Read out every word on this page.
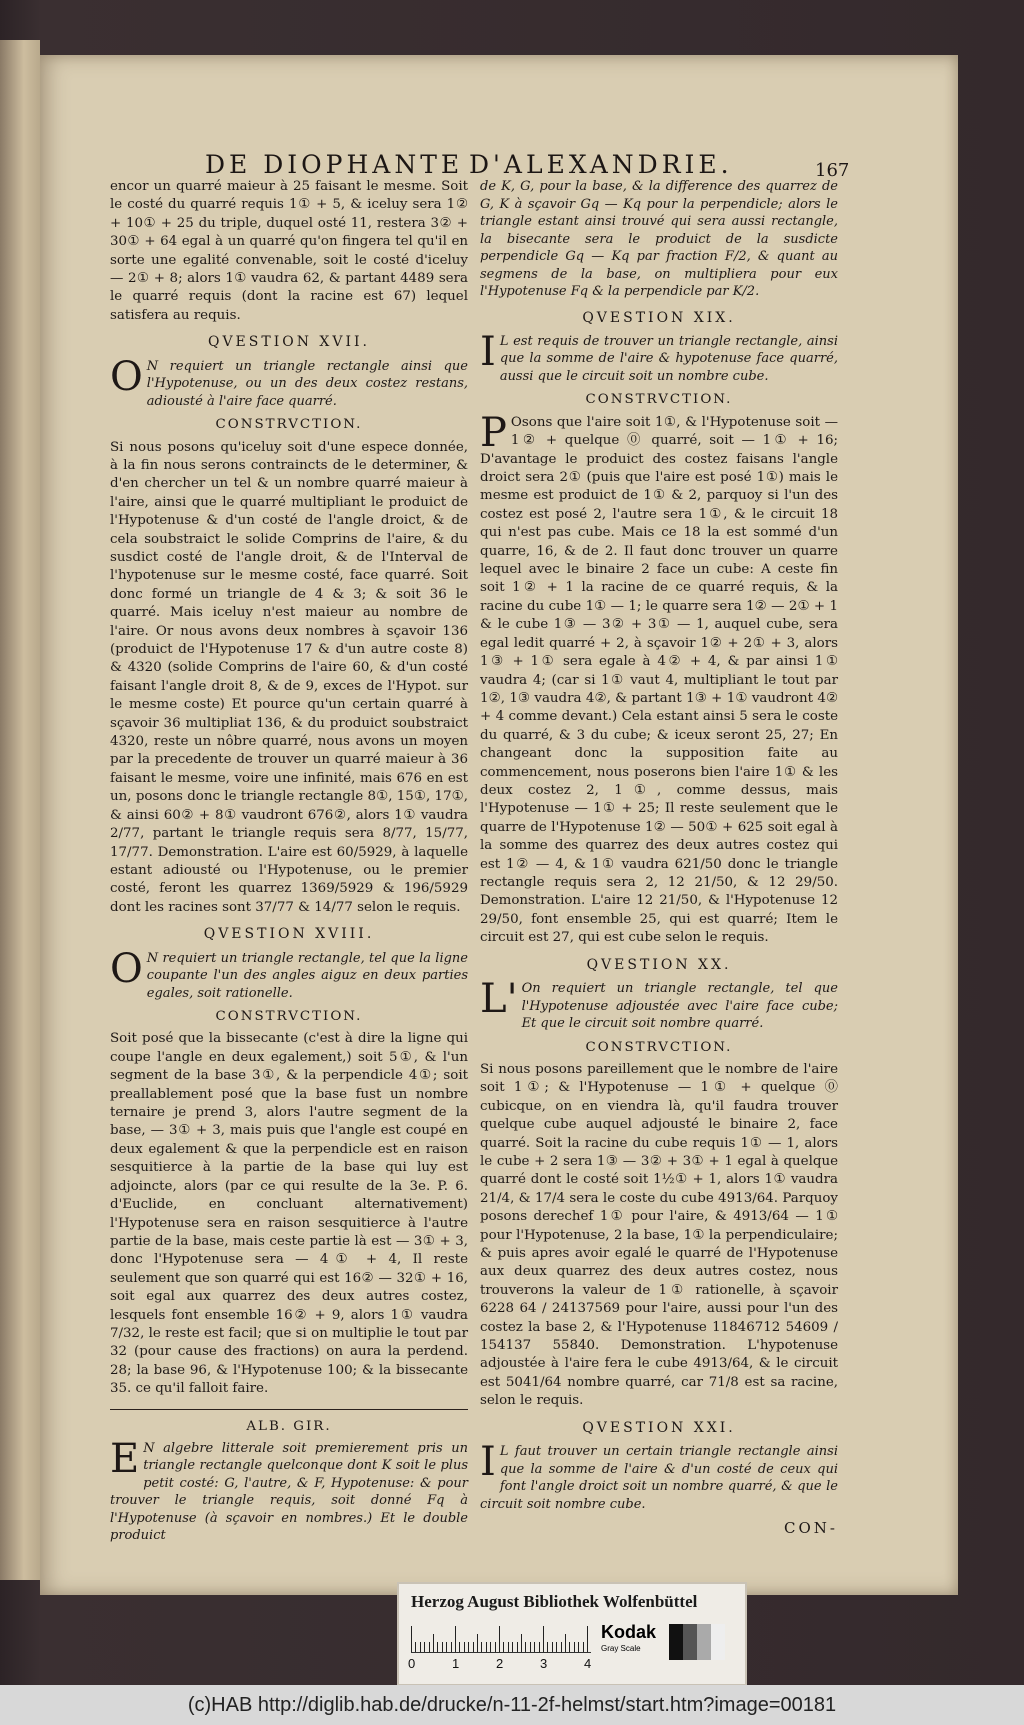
DE DIOPHANTE D'ALEXANDRIE.	167

encor un quarré maieur à 25 faisant le mesme. Soit le costé du quarré requis 1① + 5, & iceluy sera 1② + 10① + 25 du triple, duquel osté 11, restera 3② + 30① + 64 egal à un quarré qu'on fingera tel qu'il en sorte une egalité convenable, soit le costé d'iceluy — 2① + 8; alors 1① vaudra 62, & partant 4489 sera le quarré requis (dont la racine est 67) lequel satisfera au requis.

QVESTION XVII.

ON requiert un triangle rectangle ainsi que l'Hypotenuse, ou un des deux costez restans, adiousté à l'aire face quarré.

CONSTRVCTION.

Si nous posons qu'iceluy soit d'une espece donnée, à la fin nous serons contraincts de le determiner, & d'en chercher un tel & un nombre quarré maieur à l'aire, ainsi que le quarré multipliant le produict de l'Hypotenuse & d'un costé de l'angle droict, & de cela soubstraict le solide Comprins de l'aire, & du susdict costé de l'angle droit, & de l'Interval de l'hypotenuse sur le mesme costé, face quarré. Soit donc formé un triangle de 4 & 3; & soit 36 le quarré. Mais iceluy n'est maieur au nombre de l'aire. Or nous avons deux nombres à sçavoir 136 (produict de l'Hypotenuse 17 & d'un autre coste 8) & 4320 (solide Comprins de l'aire 60, & d'un costé faisant l'angle droit 8, & de 9, exces de l'Hypot. sur le mesme coste) Et pource qu'un certain quarré à sçavoir 36 multipliat 136, & du produict soubstraict 4320, reste un nôbre quarré, nous avons un moyen par la precedente de trouver un quarré maieur à 36 faisant le mesme, voire une infinité, mais 676 en est un, posons donc le triangle rectangle 8①, 15①, 17①, & ainsi 60② + 8① vaudront 676②, alors 1① vaudra 2/77, partant le triangle requis sera 8/77, 15/77, 17/77. Demonstration. L'aire est 60/5929, à laquelle estant adiousté ou l'Hypotenuse, ou le premier costé, feront les quarrez 1369/5929 & 196/5929 dont les racines sont 37/77 & 14/77 selon le requis.

QVESTION XVIII.

ON requiert un triangle rectangle, tel que la ligne coupante l'un des angles aiguz en deux parties egales, soit rationelle.

CONSTRVCTION.

Soit posé que la bissecante (c'est à dire la ligne qui coupe l'angle en deux egalement,) soit 5①, & l'un segment de la base 3①, & la perpendicle 4①; soit preallablement posé que la base fust un nombre ternaire je prend 3, alors l'autre segment de la base, — 3① + 3, mais puis que l'angle est coupé en deux egalement & que la perpendicle est en raison sesquitierce à la partie de la base qui luy est adjoincte, alors (par ce qui resulte de la 3e. P. 6. d'Euclide, en concluant alternativement) l'Hypotenuse sera en raison sesquitierce à l'autre partie de la base, mais ceste partie là est — 3① + 3, donc l'Hypotenuse sera — 4① + 4, Il reste seulement que son quarré qui est 16② — 32① + 16, soit egal aux quarrez des deux autres costez, lesquels font ensemble 16② + 9, alors 1① vaudra 7/32, le reste est facil; que si on multiplie le tout par 32 (pour cause des fractions) on aura la perdend. 28; la base 96, & l'Hypotenuse 100; & la bissecante 35. ce qu'il falloit faire.

ALB. GIR.

EN algebre litterale soit premierement pris un triangle rectangle quelconque dont K soit le plus petit costé: G, l'autre, & F, Hypotenuse: & pour trouver le triangle requis, soit donné Fq à l'Hypotenuse (à sçavoir en nombres.) Et le double produict

de K, G, pour la base, & la difference des quarrez de G, K à sçavoir Gq — Kq pour la perpendicle; alors le triangle estant ainsi trouvé qui sera aussi rectangle, la bisecante sera le produict de la susdicte perpendicle Gq — Kq par fraction F/2, & quant au segmens de la base, on multipliera pour eux l'Hypotenuse Fq & la perpendicle par K/2.

QVESTION XIX.

IL est requis de trouver un triangle rectangle, ainsi que la somme de l'aire & hypotenuse face quarré, aussi que le circuit soit un nombre cube.

CONSTRVCTION.

POsons que l'aire soit 1①, & l'Hypotenuse soit — 1② + quelque ⓪ quarré, soit — 1① + 16; D'avantage le produict des costez faisans l'angle droict sera 2① (puis que l'aire est posé 1①) mais le mesme est produict de 1① & 2, parquoy si l'un des costez est posé 2, l'autre sera 1①, & le circuit 18 qui n'est pas cube. Mais ce 18 la est sommé d'un quarre, 16, & de 2. Il faut donc trouver un quarre lequel avec le binaire 2 face un cube: A ceste fin soit 1② + 1 la racine de ce quarré requis, & la racine du cube 1① — 1; le quarre sera 1② — 2① + 1 & le cube 1③ — 3② + 3① — 1, auquel cube, sera egal ledit quarré + 2, à sçavoir 1② + 2① + 3, alors 1③ + 1① sera egale à 4② + 4, & par ainsi 1① vaudra 4; (car si 1① vaut 4, multipliant le tout par 1②, 1③ vaudra 4②, & partant 1③ + 1① vaudront 4② + 4 comme devant.) Cela estant ainsi 5 sera le coste du quarré, & 3 du cube; & iceux seront 25, 27; En changeant donc la supposition faite au commencement, nous poserons bien l'aire 1① & les deux costez 2, 1①, comme dessus, mais l'Hypotenuse — 1① + 25; Il reste seulement que le quarre de l'Hypotenuse 1② — 50① + 625 soit egal à la somme des quarrez des deux autres costez qui est 1② — 4, & 1① vaudra 621/50 donc le triangle rectangle requis sera 2, 12 21/50, & 12 29/50. Demonstration. L'aire 12 21/50, & l'Hypotenuse 12 29/50, font ensemble 25, qui est quarré; Item le circuit est 27, qui est cube selon le requis.

QVESTION XX.

L'On requiert un triangle rectangle, tel que l'Hypotenuse adjoustée avec l'aire face cube; Et que le circuit soit nombre quarré.

CONSTRVCTION.

Si nous posons pareillement que le nombre de l'aire soit 1①; & l'Hypotenuse — 1① + quelque ⓪ cubicque, on en viendra là, qu'il faudra trouver quelque cube auquel adjousté le binaire 2, face quarré. Soit la racine du cube requis 1① — 1, alors le cube + 2 sera 1③ — 3② + 3① + 1 egal à quelque quarré dont le costé soit 1½① + 1, alors 1① vaudra 21/4, & 17/4 sera le coste du cube 4913/64. Parquoy posons derechef 1① pour l'aire, & 4913/64 — 1① pour l'Hypotenuse, 2 la base, 1① la perpendiculaire; & puis apres avoir egalé le quarré de l'Hypotenuse aux deux quarrez des deux autres costez, nous trouverons la valeur de 1① rationelle, à sçavoir 6228 64 / 24137569 pour l'aire, aussi pour l'un des costez la base 2, & l'Hypotenuse 11846712 54609 / 154137 55840. Demonstration. L'hypotenuse adjoustée à l'aire fera le cube 4913/64, & le circuit est 5041/64 nombre quarré, car 71/8 est sa racine, selon le requis.

QVESTION XXI.

IL faut trouver un certain triangle rectangle ainsi que la somme de l'aire & d'un costé de ceux qui font l'angle droict soit un nombre quarré, & que le circuit soit nombre cube.

CON-
Herzog August Bibliothek Wolfenbüttel
0	1	2	3	4
Kodak
Gray Scale
(c)HAB http://diglib.hab.de/drucke/n-11-2f-helmst/start.htm?image=00181
